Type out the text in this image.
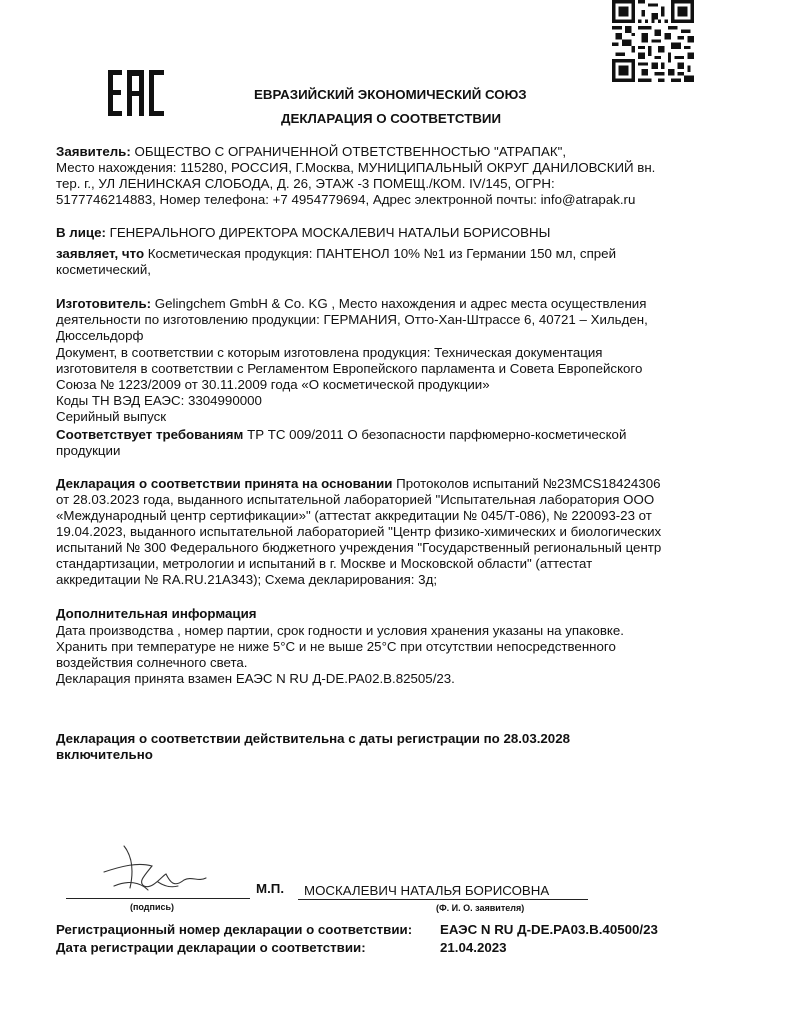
ЕВРАЗИЙСКИЙ ЭКОНОМИЧЕСКИЙ СОЮЗ
ДЕКЛАРАЦИЯ О СООТВЕТСТВИИ
Заявитель: ОБЩЕСТВО С ОГРАНИЧЕННОЙ ОТВЕТСТВЕННОСТЬЮ "АТРАПАК",
Место нахождения: 115280, РОССИЯ, Г.Москва, МУНИЦИПАЛЬНЫЙ ОКРУГ ДАНИЛОВСКИЙ вн.
тер. г., УЛ ЛЕНИНСКАЯ СЛОБОДА, Д. 26, ЭТАЖ -3 ПОМЕЩ./КОМ. IV/145, ОГРН:
5177746214883, Номер телефона: +7 4954779694, Адрес электронной почты: info@atrapak.ru
В лице: ГЕНЕРАЛЬНОГО ДИРЕКТОРА МОСКАЛЕВИЧ НАТАЛЬИ БОРИСОВНЫ
заявляет, что Косметическая продукция: ПАНТЕНОЛ 10% №1 из Германии 150 мл, спрей
косметический,
Изготовитель: Gelingchem GmbH & Co. KG , Место нахождения и адрес места осуществления
деятельности по изготовлению продукции: ГЕРМАНИЯ, Отто-Хан-Штрассе 6, 40721 – Хильден,
Дюссельдорф
Документ, в соответствии с которым изготовлена продукция: Техническая документация
изготовителя в соответствии с Регламентом Европейского парламента и Совета Европейского
Союза № 1223/2009 от 30.11.2009 года «О косметической продукции»
Коды ТН ВЭД ЕАЭС: 3304990000
Серийный выпуск
Соответствует требованиям ТР ТС 009/2011 О безопасности парфюмерно-косметической
продукции
Декларация о соответствии принята на основании Протоколов испытаний №23MCS18424306
от 28.03.2023 года, выданного испытательной лабораторией "Испытательная лаборатория ООО
«Международный центр сертификации»" (аттестат аккредитации № 045/Т-086), № 220093-23 от
19.04.2023, выданного испытательной лабораторией "Центр физико-химических и биологических
испытаний № 300 Федерального бюджетного учреждения "Государственный региональный центр
стандартизации, метрологии и испытаний в г. Москве и Московской области" (аттестат
аккредитации № RA.RU.21A343); Схема декларирования: 3д;
Дополнительная информация
Дата производства , номер партии, срок годности и условия хранения указаны на упаковке.
Хранить при температуре не ниже 5°С и не выше 25°С при отсутствии непосредственного
воздействия солнечного света.
Декларация принята взамен ЕАЭС N RU Д-DE.PA02.B.82505/23.
Декларация о соответствии действительна с даты регистрации по 28.03.2028
включительно
(подпись)
М.П. МОСКАЛЕВИЧ НАТАЛЬЯ БОРИСОВНА
(Ф. И. О. заявителя)
Регистрационный номер декларации о соответствии: ЕАЭС N RU Д-DE.PA03.B.40500/23
Дата регистрации декларации о соответствии:	21.04.2023
